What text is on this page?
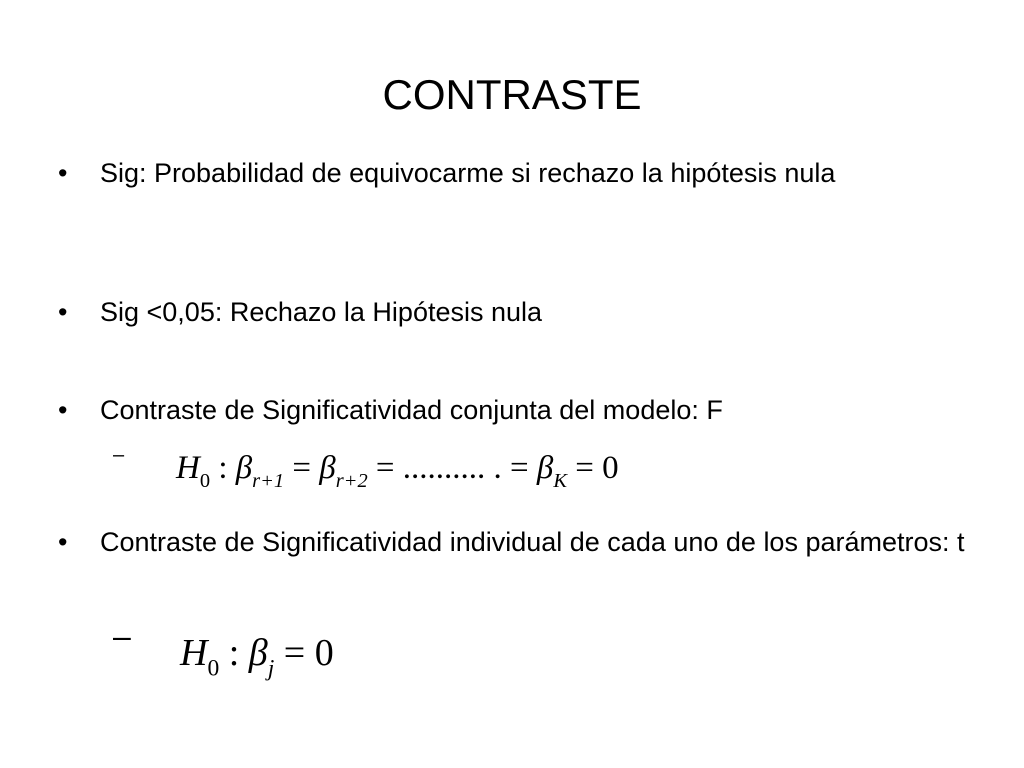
CONTRASTE
•	Sig: Probabilidad de equivocarme si rechazo la hipótesis nula
•	Sig <0,05: Rechazo la Hipótesis nula
•	Contraste de Significatividad conjunta del modelo: F
– $H_0$ : $\beta_{r+1} = \beta_{r+2}$ = .......... . = $\beta_K = 0$
•	Contraste de Significatividad individual de cada uno de los parámetros: t
– $H_0$ : $\beta_j = 0$
